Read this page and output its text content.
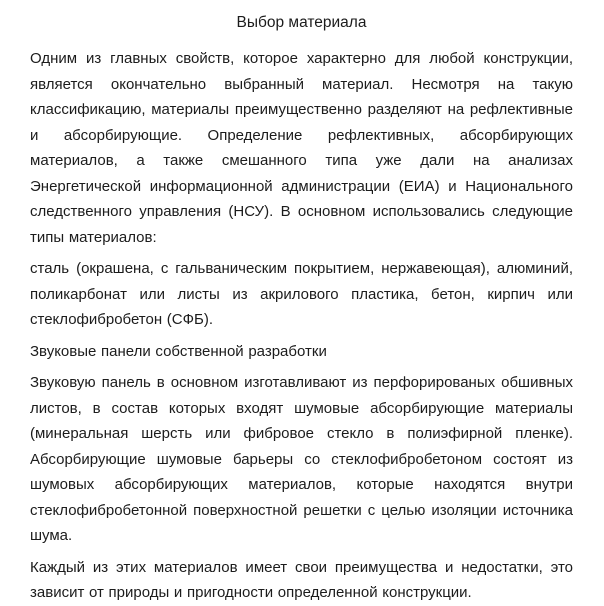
Выбор материала

Одним из главных свойств, которое характерно для любой конструкции, является окончательно выбранный материал. Несмотря на такую классификацию, материалы преимущественно разделяют на рефлективные и абсорбирующие. Определение рефлективных, абсорбирующих материалов, а также смешанного типа уже дали на анализах Энергетической информационной администрации (ЕИА) и Национального следственного управления (НСУ). В основном использовались следующие типы материалов:

сталь (окрашена, с гальваническим покрытием, нержавеющая), алюминий, поликарбонат или листы из акрилового пластика, бетон, кирпич или стеклофибробетон (СФБ).

Звуковые панели собственной разработки

Звуковую панель в основном изготавливают из перфорированых обшивных листов, в состав которых входят шумовые абсорбирующие материалы (минеральная шерсть или фибровое стекло в полиэфирной пленке). Абсорбирующие шумовые барьеры со стеклофибробетоном состоят из шумовых абсорбирующих материалов, которые находятся внутри стеклофибробетонной поверхностной решетки с целью изоляции источника шума.

Каждый из этих материалов имеет свои преимущества и недостатки, это зависит от природы и пригодности определенной конструкции.
